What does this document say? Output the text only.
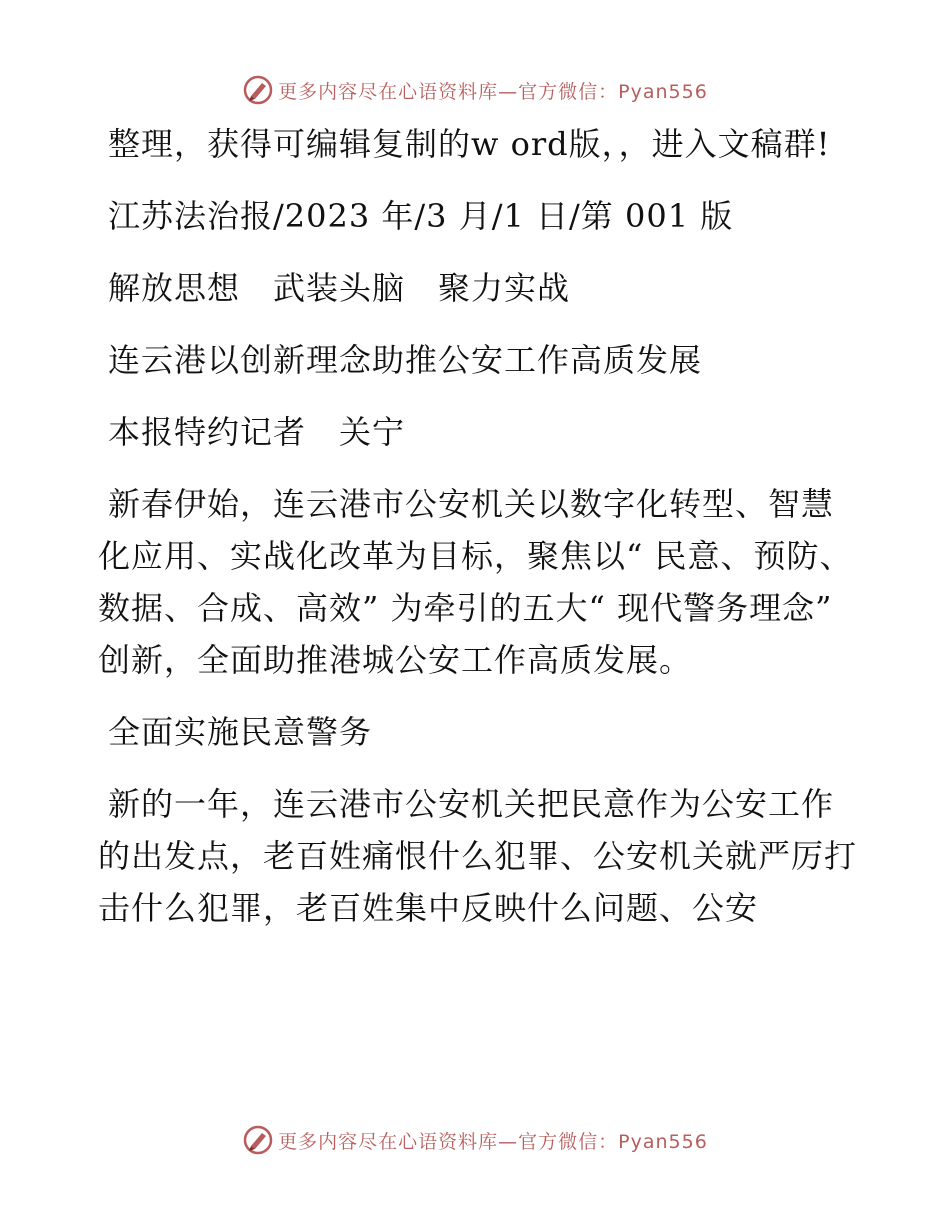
更多内容尽在心语资料库—官方微信：Pyan556

整理，获得可编辑复制的w ord版，，进入文稿群!

江苏法治报/2023 年/3 月/1 日/第 001 版

解放思想　武装头脑　聚力实战

连云港以创新理念助推公安工作高质发展

本报特约记者　关宁

新春伊始，连云港市公安机关以数字化转型、智慧化应用、实战化改革为目标，聚焦以“ 民意、预防、数据、合成、高效” 为牵引的五大“ 现代警务理念” 创新，全面助推港城公安工作高质发展。

全面实施民意警务

新的一年，连云港市公安机关把民意作为公安工作的出发点，老百姓痛恨什么犯罪、公安机关就严厉打击什么犯罪，老百姓集中反映什么问题、公安

更多内容尽在心语资料库—官方微信：Pyan556
